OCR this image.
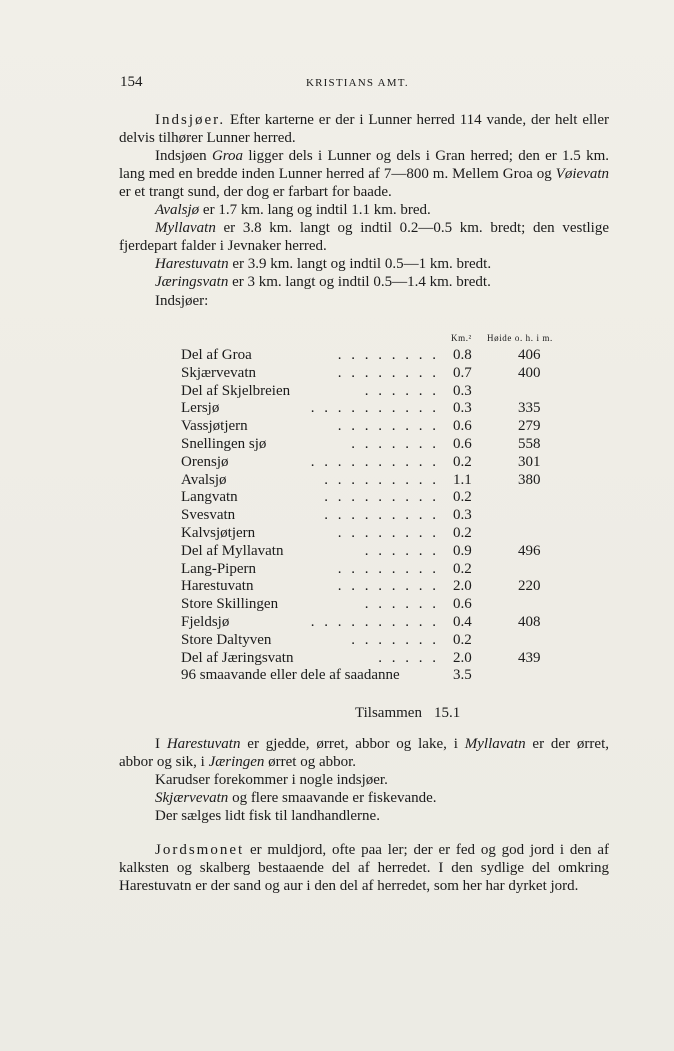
154	KRISTIANS AMT.

Indsjøer. Efter karterne er der i Lunner herred 114 vande, der helt eller delvis tilhører Lunner herred.

Indsjøen Groa ligger dels i Lunner og dels i Gran herred; den er 1.5 km. lang med en bredde inden Lunner herred af 7—800 m. Mellem Groa og Vøievatn er et trangt sund, der dog er farbart for baade.

Avalsjø er 1.7 km. lang og indtil 1.1 km. bred.

Myllavatn er 3.8 km. langt og indtil 0.2—0.5 km. bredt; den vestlige fjerdepart falder i Jevnaker herred.

Harestuvatn er 3.9 km. langt og indtil 0.5—1 km. bredt.

Jæringsvatn er 3 km. langt og indtil 0.5—1.4 km. bredt.

Indsjøer:

Km.² Høide o. h. i m.
Del af Groa	. . . . . . . . 0.8	406
Skjærvevatn	. . . . . . . . 0.7	400
Del af Skjelbreien	. . . . . . 0.3
Lersjø	. . . . . . . . . . 0.3	335
Vassjøtjern	. . . . . . . . 0.6	279
Snellingen sjø	. . . . . . . 0.6	558
Orensjø	. . . . . . . . . . 0.2	301
Avalsjø	. . . . . . . . . 1.1	380
Langvatn	. . . . . . . . . 0.2
Svesvatn	. . . . . . . . . 0.3
Kalvsjøtjern	. . . . . . . . 0.2
Del af Myllavatn	. . . . . . 0.9	496
Lang-Pipern	. . . . . . . . 0.2
Harestuvatn	. . . . . . . . 2.0	220
Store Skillingen	. . . . . . 0.6
Fjeldsjø	. . . . . . . . . . 0.4	408
Store Daltyven	. . . . . . . 0.2
Del af Jæringsvatn	. . . . . 2.0	439
96 smaavande eller dele af saadanne	3.5
Tilsammen 15.1

I Harestuvatn er gjedde, ørret, abbor og lake, i Myllavatn er der ørret, abbor og sik, i Jæringen ørret og abbor.

Karudser forekommer i nogle indsjøer.

Skjærvevatn og flere smaavande er fiskevande.

Der sælges lidt fisk til landhandlerne.

Jordsmonet er muldjord, ofte paa ler; der er fed og god jord i den af kalksten og skalberg bestaaende del af herredet. I den sydlige del omkring Harestuvatn er der sand og aur i den del af herredet, som her har dyrket jord.
